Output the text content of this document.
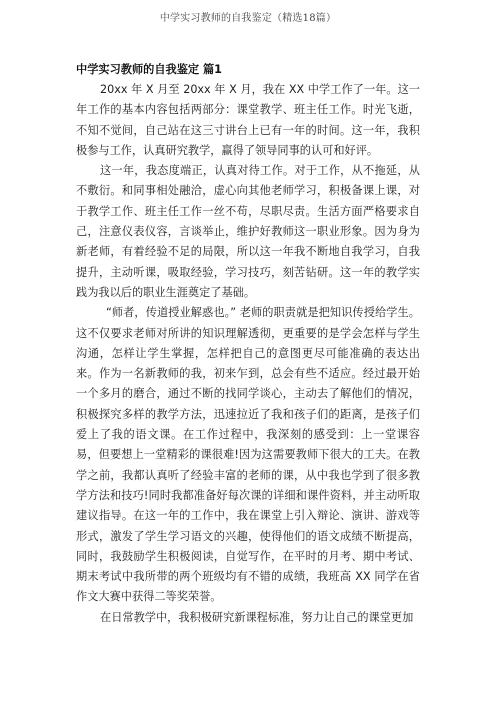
中学实习教师的自我鉴定（精选18篇）
中学实习教师的自我鉴定 篇1

20xx 年 X 月至 20xx 年 X 月，我在 XX 中学工作了一年。这一年工作的基本内容包括两部分：课堂教学、班主任工作。时光飞逝，不知不觉间，自己站在这三寸讲台上已有一年的时间。这一年，我积极参与工作，认真研究教学，赢得了领导同事的认可和好评。

这一年，我态度端正，认真对待工作。对于工作，从不拖延，从不敷衍。和同事相处融洽，虚心向其他老师学习，积极备课上课，对于教学工作、班主任工作一丝不苟，尽职尽责。生活方面严格要求自己，注意仪表仪容，言谈举止，维护好教师这一职业形象。因为身为新老师，有着经验不足的局限，所以这一年我不断地自我学习，自我提升，主动听课，吸取经验，学习技巧，刻苦钻研。这一年的教学实践为我以后的职业生涯奠定了基础。

“师者，传道授业解惑也。” 老师的职责就是把知识传授给学生。这不仅要求老师对所讲的知识理解透彻，更重要的是学会怎样与学生沟通，怎样让学生掌握，怎样把自己的意图更尽可能准确的表达出来。作为一名新教师的我，初来乍到，总会有些不适应。经过最开始一个多月的磨合，通过不断的找同学谈心，主动去了解他们的情况，积极探究多样的教学方法，迅速拉近了我和孩子们的距离，是孩子们爱上了我的语文课。在工作过程中，我深刻的感受到：上一堂课容易，但要想上一堂精彩的课很难!因为这需要教师下很大的工夫。在教学之前，我都认真听了经验丰富的老师的课，从中我也学到了很多教学方法和技巧!同时我都准备好每次课的详细和课件资料，并主动听取建议指导。在这一年的工作中，我在课堂上引入辩论、演讲、游戏等形式，激发了学生学习语文的兴趣，使得他们的语文成绩不断提高，同时，我鼓励学生积极阅读，自觉写作，在平时的月考、期中考试、期末考试中我所带的两个班级均有不错的成绩，我班高 XX 同学在省作文大赛中获得二等奖荣誉。

在日常教学中，我积极研究新课程标准，努力让自己的课堂更加
